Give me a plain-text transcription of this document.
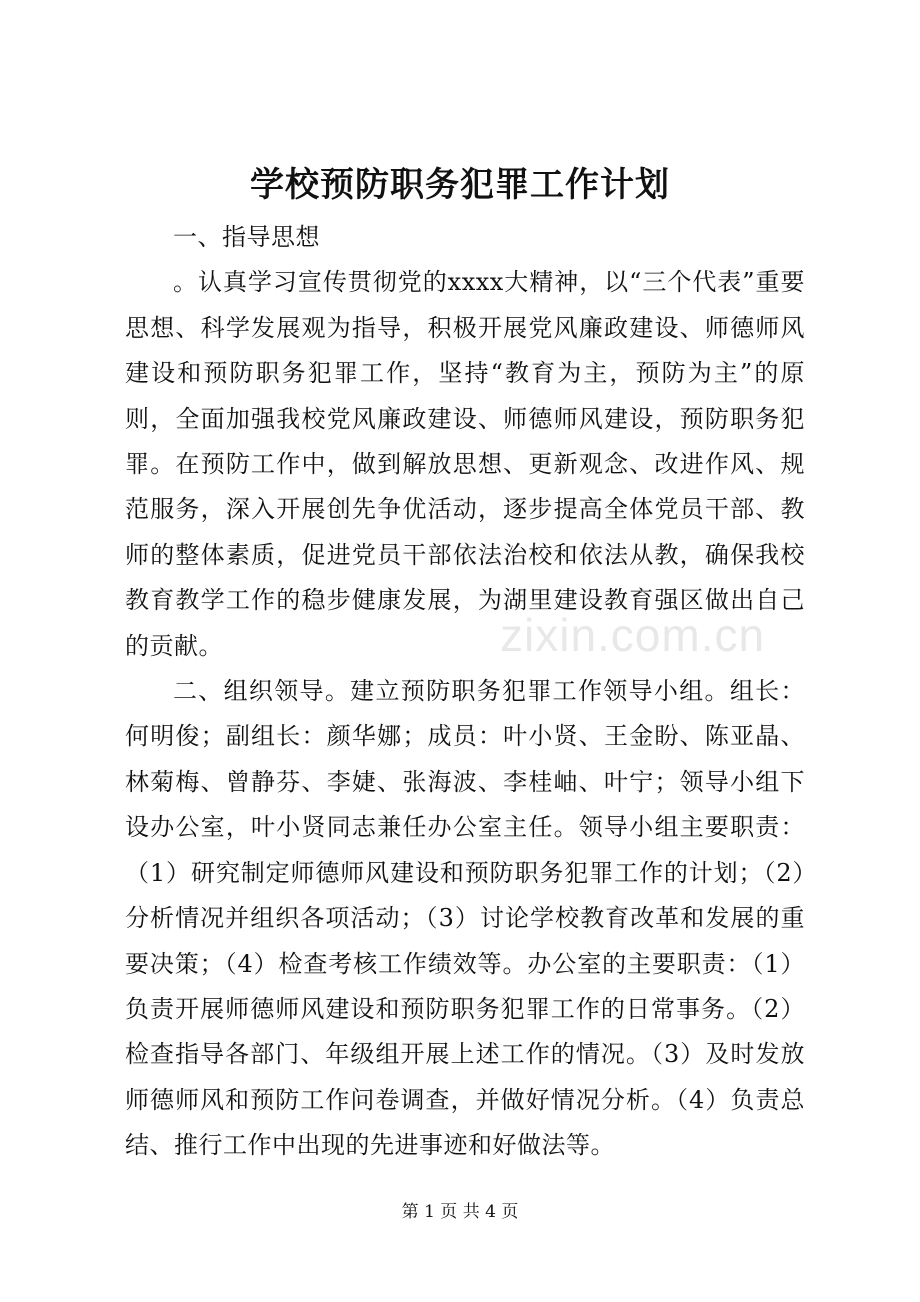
学校预防职务犯罪工作计划

一、指导思想

。认真学习宣传贯彻党的xxxx大精神，以“三个代表”重要思想、科学发展观为指导，积极开展党风廉政建设、师德师风建设和预防职务犯罪工作，坚持“教育为主，预防为主”的原则，全面加强我校党风廉政建设、师德师风建设，预防职务犯罪。在预防工作中，做到解放思想、更新观念、改进作风、规范服务，深入开展创先争优活动，逐步提高全体党员干部、教师的整体素质，促进党员干部依法治校和依法从教，确保我校教育教学工作的稳步健康发展，为湖里建设教育强区做出自己的贡献。

二、组织领导。建立预防职务犯罪工作领导小组。组长：何明俊；副组长：颜华娜；成员：叶小贤、王金盼、陈亚晶、林菊梅、曾静芬、李婕、张海波、李桂岫、叶宁；领导小组下设办公室，叶小贤同志兼任办公室主任。领导小组主要职责：（1）研究制定师德师风建设和预防职务犯罪工作的计划；（2）分析情况并组织各项活动；（3）讨论学校教育改革和发展的重要决策；（4）检查考核工作绩效等。办公室的主要职责：（1）负责开展师德师风建设和预防职务犯罪工作的日常事务。（2）检查指导各部门、年级组开展上述工作的情况。（3）及时发放师德师风和预防工作问卷调查，并做好情况分析。（4）负责总结、推行工作中出现的先进事迹和好做法等。

zixin.com.cn
第 1 页 共 4 页
